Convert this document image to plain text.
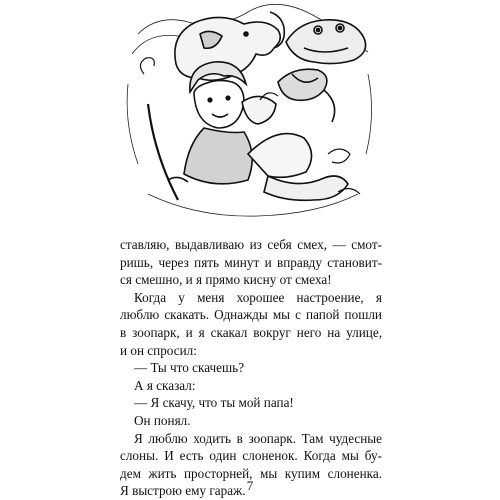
ставляю, выдавливаю из себя смех, — смот-
ришь, через пять минут и вправду становит-
ся смешно, и я прямо кисну от смеха!
Когда у меня хорошее настроение, я
люблю скакать. Однажды мы с папой пошли
в зоопарк, и я скакал вокруг него на улице,
и он спросил:
— Ты что скачешь?
А я сказал:
— Я скачу, что ты мой папа!
Он понял.
Я люблю ходить в зоопарк. Там чудесные
слоны. И есть один слоненок. Когда мы бу-
дем жить просторней, мы купим слоненка.
Я выстрою ему гараж. 7
